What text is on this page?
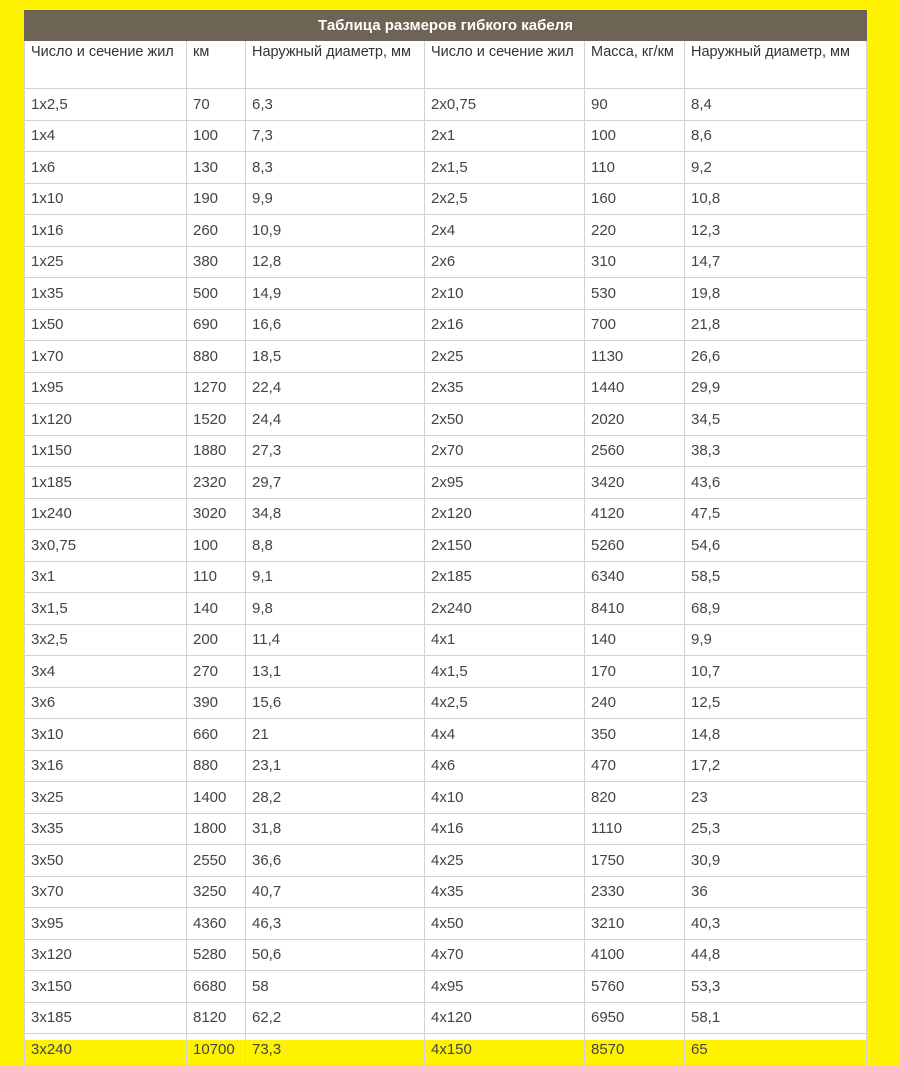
Таблица размеров гибкого кабеля					
Число и сечение жил	км	Наружный диаметр, мм	Число и сечение жил	Масса, кг/км	Наружный диаметр, мм
1x2,5	70	6,3	2x0,75	90	8,4
1x4	100	7,3	2x1	100	8,6
1x6	130	8,3	2x1,5	110	9,2
1x10	190	9,9	2x2,5	160	10,8
1x16	260	10,9	2x4	220	12,3
1x25	380	12,8	2x6	310	14,7
1x35	500	14,9	2x10	530	19,8
1x50	690	16,6	2x16	700	21,8
1x70	880	18,5	2x25	1130	26,6
1x95	1270	22,4	2x35	1440	29,9
1x120	1520	24,4	2x50	2020	34,5
1x150	1880	27,3	2x70	2560	38,3
1x185	2320	29,7	2x95	3420	43,6
1x240	3020	34,8	2x120	4120	47,5
3x0,75	100	8,8	2x150	5260	54,6
3x1	110	9,1	2x185	6340	58,5
3x1,5	140	9,8	2x240	8410	68,9
3x2,5	200	11,4	4x1	140	9,9
3x4	270	13,1	4x1,5	170	10,7
3x6	390	15,6	4x2,5	240	12,5
3x10	660	21	4x4	350	14,8
3x16	880	23,1	4x6	470	17,2
3x25	1400	28,2	4x10	820	23
3x35	1800	31,8	4x16	1110	25,3
3x50	2550	36,6	4x25	1750	30,9
3x70	3250	40,7	4x35	2330	36
3x95	4360	46,3	4x50	3210	40,3
3x120	5280	50,6	4x70	4100	44,8
3x150	6680	58	4x95	5760	53,3
3x185	8120	62,2	4x120	6950	58,1
3x240	10700	73,3	4x150	8570	65
